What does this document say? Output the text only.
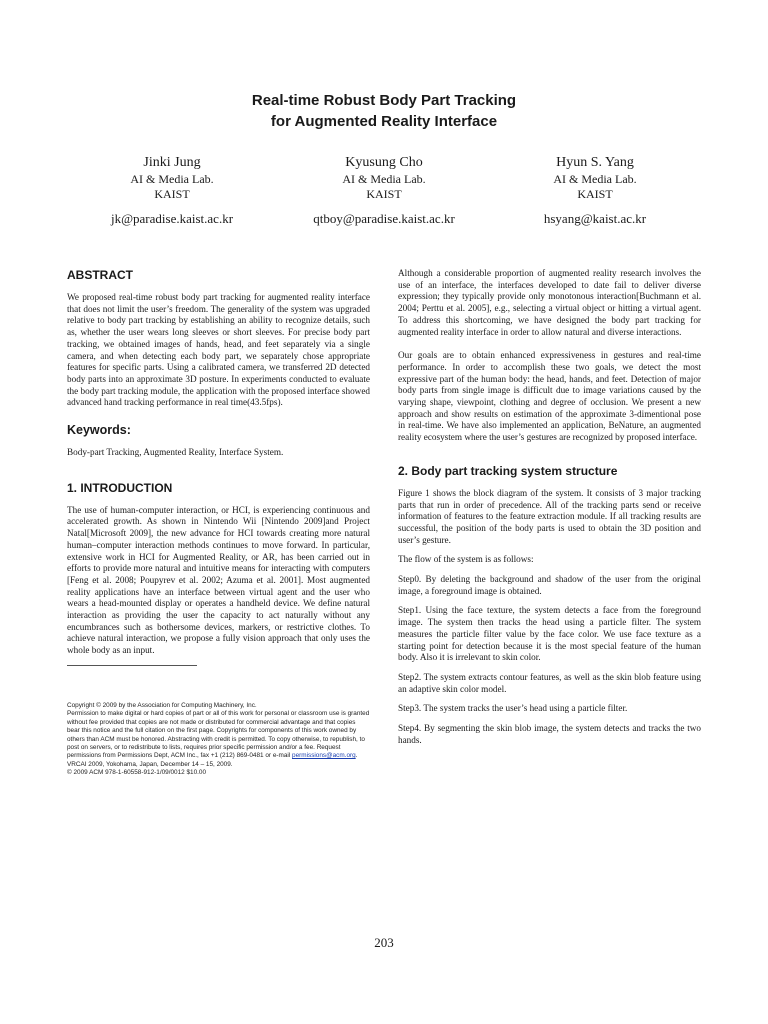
Real-time Robust Body Part Tracking
for Augmented Reality Interface
Jinki Jung
AI & Media Lab.
KAIST
jk@paradise.kaist.ac.kr
Kyusung Cho
AI & Media Lab.
KAIST
qtboy@paradise.kaist.ac.kr
Hyun S. Yang
AI & Media Lab.
KAIST
hsyang@kaist.ac.kr
ABSTRACT
We proposed real-time robust body part tracking for augmented reality interface that does not limit the user’s freedom. The generality of the system was upgraded relative to body part tracking by establishing an ability to recognize details, such as, whether the user wears long sleeves or short sleeves. For precise body part tracking, we obtained images of hands, head, and feet separately via a single camera, and when detecting each body part, we separately chose appropriate features for specific parts. Using a calibrated camera, we transferred 2D detected body parts into an approximate 3D posture. In experiments conducted to evaluate the body part tracking module, the application with the proposed interface showed advanced hand tracking performance in real time(43.5fps).
Keywords:
Body-part Tracking, Augmented Reality, Interface System.
1. INTRODUCTION
The use of human-computer interaction, or HCI, is experiencing continuous and accelerated growth. As shown in Nintendo Wii [Nintendo 2009]and Project Natal[Microsoft 2009], the new advance for HCI towards creating more natural human–computer interaction methods continues to move forward. In particular, extensive work in HCI for Augmented Reality, or AR, has been carried out in efforts to provide more natural and intuitive means for interacting with computers [Feng et al. 2008; Poupyrev et al. 2002; Azuma et al. 2001]. Most augmented reality applications have an interface between virtual agent and the user who wears a head-mounted display or operates a handheld device. We define natural interaction as providing the user the capacity to act naturally without any encumbrances such as bothersome devices, markers, or restrictive clothes. To achieve natural interaction, we propose a fully vision approach that only uses the whole body as an input.
Copyright © 2009 by the Association for Computing Machinery, Inc.
Permission to make digital or hard copies of part or all of this work for personal or classroom use is granted without fee provided that copies are not made or distributed for commercial advantage and that copies bear this notice and the full citation on the first page. Copyrights for components of this work owned by others than ACM must be honored. Abstracting with credit is permitted. To copy otherwise, to republish, to post on servers, or to redistribute to lists, requires prior specific permission and/or a fee. Request permissions from Permissions Dept, ACM Inc., fax +1 (212) 869-0481 or e-mail permissions@acm.org.
VRCAI 2009, Yokohama, Japan, December 14 – 15, 2009.
© 2009 ACM 978-1-60558-912-1/09/0012 $10.00
Although a considerable proportion of augmented reality research involves the use of an interface, the interfaces developed to date fail to deliver diverse expression; they typically provide only monotonous interaction[Buchmann et al. 2004; Perttu et al. 2005], e.g., selecting a virtual object or hitting a virtual agent. To address this shortcoming, we have designed the body part tracking for augmented reality interface in order to allow natural and diverse interactions.
Our goals are to obtain enhanced expressiveness in gestures and real-time performance. In order to accomplish these two goals, we detect the most expressive part of the human body: the head, hands, and feet. Detection of major body parts from single image is difficult due to image variations caused by the varying shape, viewpoint, clothing and degree of occlusion. We present a new approach and show results on estimation of the approximate 3-dimentional pose in real-time. We have also implemented an application, BeNature, an augmented reality ecosystem where the user’s gestures are recognized by proposed interface.
2. Body part tracking system structure
Figure 1 shows the block diagram of the system. It consists of 3 major tracking parts that run in order of precedence. All of the tracking parts send or receive information of features to the feature extraction module. If all tracking results are successful, the position of the body parts is used to obtain the 3D position and user’s gesture.
The flow of the system is as follows:
Step0. By deleting the background and shadow of the user from the original image, a foreground image is obtained.
Step1. Using the face texture, the system detects a face from the foreground image. The system then tracks the head using a particle filter. The system measures the particle filter value by the face color. We use face texture as a starting point for detection because it is the most special feature of the human body. Also it is irrelevant to skin color.
Step2. The system extracts contour features, as well as the skin blob feature using an adaptive skin color model.
Step3. The system tracks the user’s head using a particle filter.
Step4. By segmenting the skin blob image, the system detects and tracks the two hands.
203
